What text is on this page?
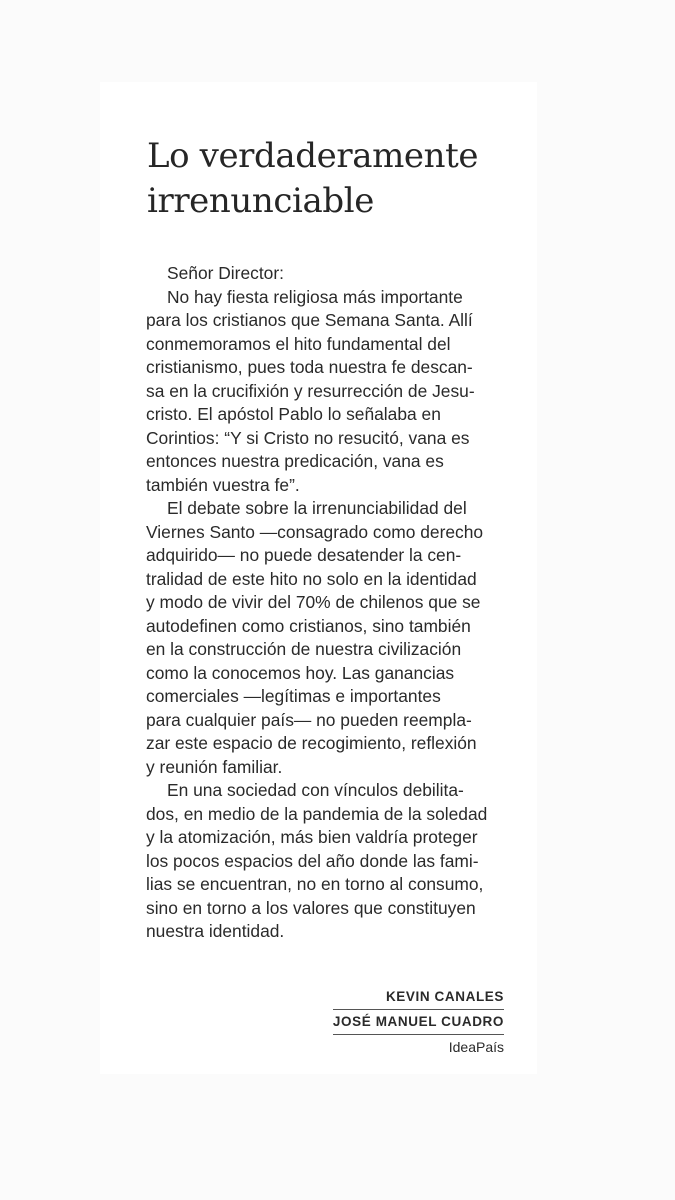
Lo verdaderamente
irrenunciable
Señor Director:
No hay fiesta religiosa más importante
para los cristianos que Semana Santa. Allí
conmemoramos el hito fundamental del
cristianismo, pues toda nuestra fe descan-
sa en la crucifixión y resurrección de Jesu-
cristo. El apóstol Pablo lo señalaba en
Corintios: “Y si Cristo no resucitó, vana es
entonces nuestra predicación, vana es
también vuestra fe”.
El debate sobre la irrenunciabilidad del
Viernes Santo —consagrado como derecho
adquirido— no puede desatender la cen-
tralidad de este hito no solo en la identidad
y modo de vivir del 70% de chilenos que se
autodefinen como cristianos, sino también
en la construcción de nuestra civilización
como la conocemos hoy. Las ganancias
comerciales —legítimas e importantes
para cualquier país— no pueden reempla-
zar este espacio de recogimiento, reflexión
y reunión familiar.
En una sociedad con vínculos debilita-
dos, en medio de la pandemia de la soledad
y la atomización, más bien valdría proteger
los pocos espacios del año donde las fami-
lias se encuentran, no en torno al consumo,
sino en torno a los valores que constituyen
nuestra identidad.
KEVIN CANALES
JOSÉ MANUEL CUADRO
IdeaPaís
